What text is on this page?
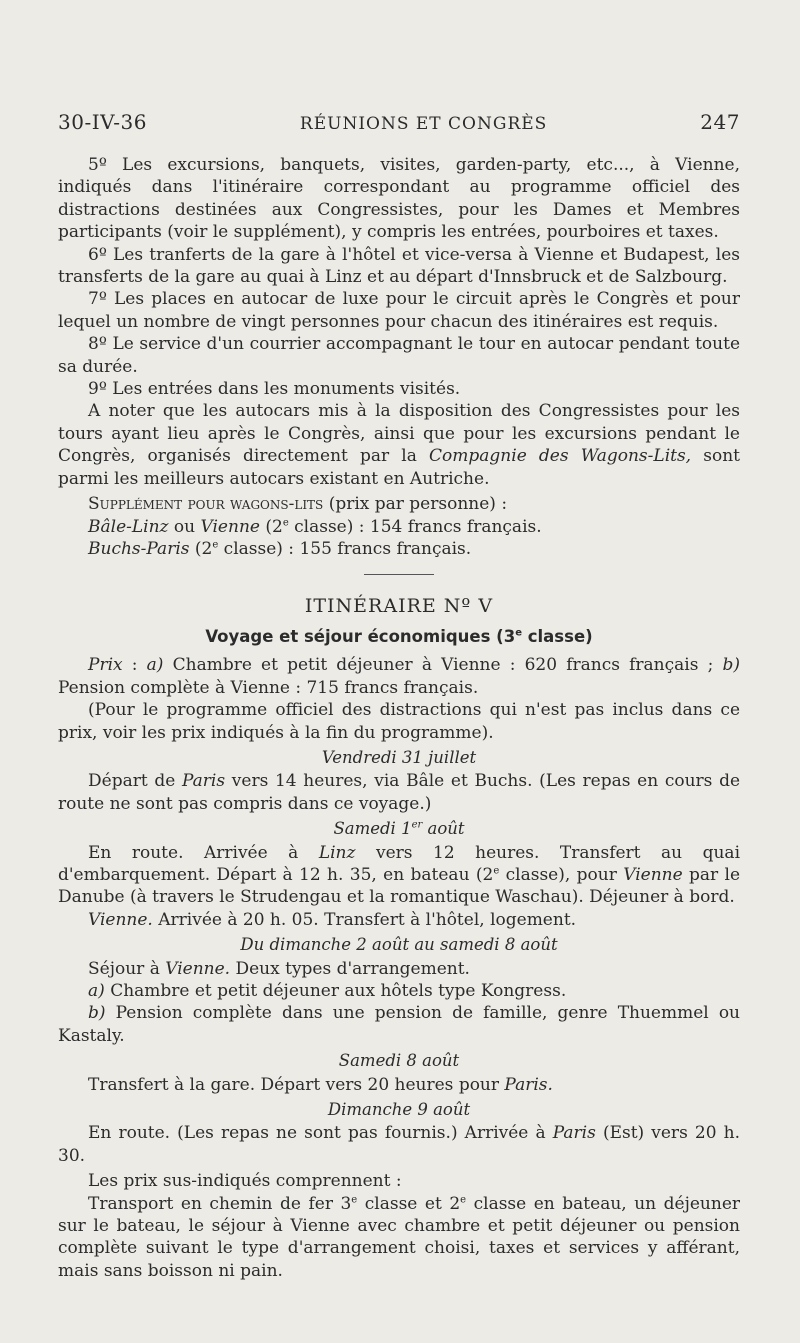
30-IV-36	RÉUNIONS ET CONGRÈS	247

5º Les excursions, banquets, visites, garden-party, etc..., à Vienne, indiqués dans l'itinéraire correspondant au programme officiel des distractions destinées aux Congressistes, pour les Dames et Membres participants (voir le supplément), y compris les entrées, pourboires et taxes.

6º Les tranferts de la gare à l'hôtel et vice-versa à Vienne et Budapest, les transferts de la gare au quai à Linz et au départ d'Innsbruck et de Salzbourg.

7º Les places en autocar de luxe pour le circuit après le Congrès et pour lequel un nombre de vingt personnes pour chacun des itinéraires est requis.

8º Le service d'un courrier accompagnant le tour en autocar pendant toute sa durée.

9º Les entrées dans les monuments visités.

A noter que les autocars mis à la disposition des Congressistes pour les tours ayant lieu après le Congrès, ainsi que pour les excursions pendant le Congrès, organisés directement par la Compagnie des Wagons-Lits, sont parmi les meilleurs autocars existant en Autriche.

Supplément pour wagons-lits (prix par personne) :

Bâle-Linz ou Vienne (2e classe) : 154 francs français.

Buchs-Paris (2e classe) : 155 francs français.

ITINÉRAIRE Nº V
Voyage et séjour économiques (3e classe)

Prix : a) Chambre et petit déjeuner à Vienne : 620 francs français ; b) Pension complète à Vienne : 715 francs français.

(Pour le programme officiel des distractions qui n'est pas inclus dans ce prix, voir les prix indiqués à la fin du programme).

Vendredi 31 juillet

Départ de Paris vers 14 heures, via Bâle et Buchs. (Les repas en cours de route ne sont pas compris dans ce voyage.)

Samedi 1er août

En route. Arrivée à Linz vers 12 heures. Transfert au quai d'embarquement. Départ à 12 h. 35, en bateau (2e classe), pour Vienne par le Danube (à travers le Strudengau et la romantique Waschau). Déjeuner à bord.

Vienne. Arrivée à 20 h. 05. Transfert à l'hôtel, logement.

Du dimanche 2 août au samedi 8 août

Séjour à Vienne. Deux types d'arrangement.

a) Chambre et petit déjeuner aux hôtels type Kongress.

b) Pension complète dans une pension de famille, genre Thuemmel ou Kastaly.

Samedi 8 août

Transfert à la gare. Départ vers 20 heures pour Paris.

Dimanche 9 août

En route. (Les repas ne sont pas fournis.) Arrivée à Paris (Est) vers 20 h. 30.

Les prix sus-indiqués comprennent :

Transport en chemin de fer 3e classe et 2e classe en bateau, un déjeuner sur le bateau, le séjour à Vienne avec chambre et petit déjeuner ou pension complète suivant le type d'arrangement choisi, taxes et services y afférant, mais sans boisson ni pain.
